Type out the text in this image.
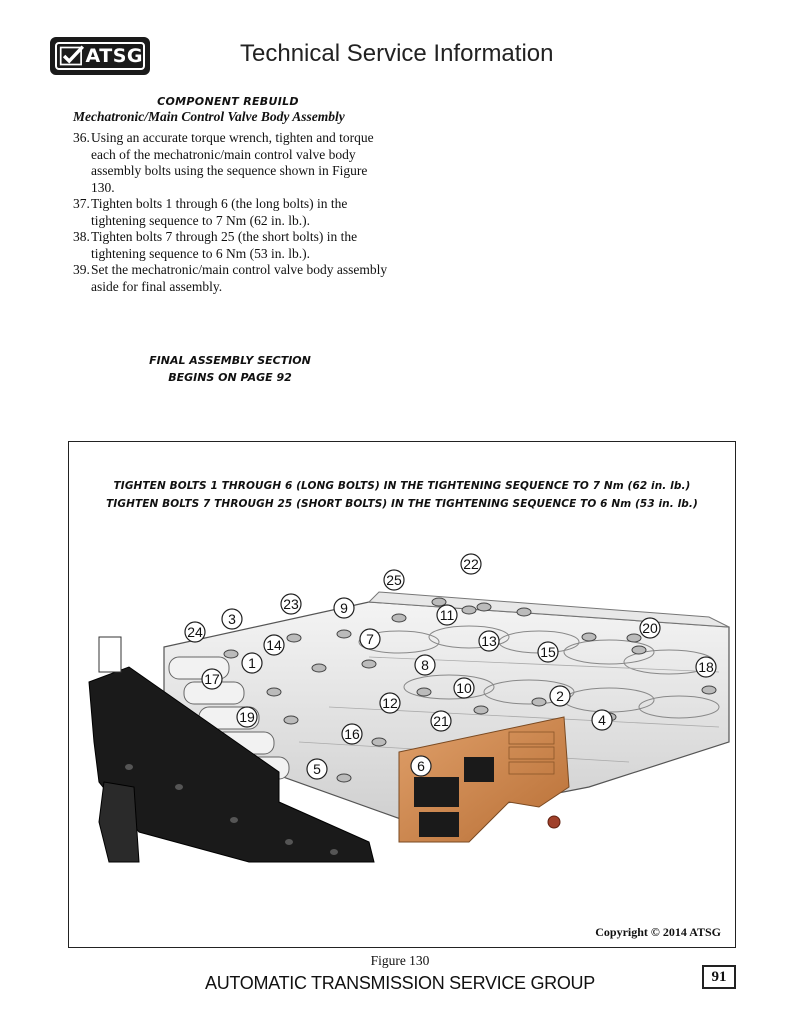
ATSG	Technical Service Information
COMPONENT REBUILD
Mechatronic/Main Control Valve Body Assembly
36. Using an accurate torque wrench, tighten and torque each of the mechatronic/main control valve body assembly bolts using the sequence shown in Figure 130.
37. Tighten bolts 1 through 6 (the long bolts) in the tightening sequence to 7 Nm (62 in. lb.).
38. Tighten bolts 7 through 25 (the short bolts) in the tightening sequence to 6 Nm (53 in. lb.).
39. Set the mechatronic/main control valve body assembly aside for final assembly.
FINAL ASSEMBLY SECTION
BEGINS ON PAGE 92
TIGHTEN BOLTS 1 THROUGH 6 (LONG BOLTS) IN THE TIGHTENING SEQUENCE TO 7 Nm (62 in. lb.)
TIGHTEN BOLTS 7 THROUGH 25 (SHORT BOLTS) IN THE TIGHTENING SEQUENCE TO 6 Nm (53 in. lb.)
1
2
3
4
5	6
7
8
9
10
11
12
13
14	15
16
17
18
19
20
21
22
23
24
25
Copyright © 2014 ATSG
Figure 130
AUTOMATIC TRANSMISSION SERVICE GROUP	91
